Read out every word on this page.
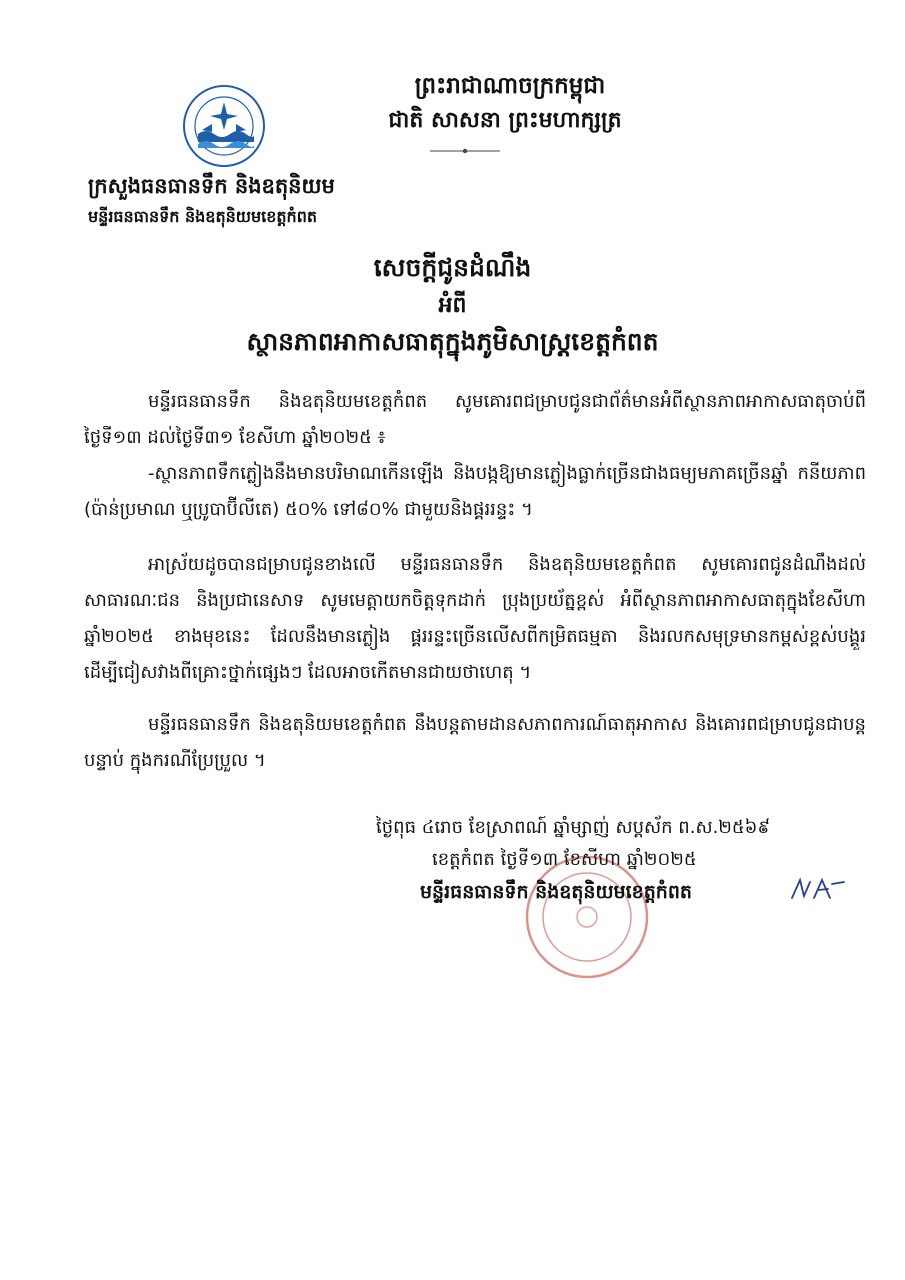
ព្រះរាជាណាចក្រកម្ពុជា
ជាតិ សាសនា ព្រះមហាក្សត្រ
ក្រសួងធនធានទឹក និងឧតុនិយម
មន្ទីរធនធានទឹក និងឧតុនិយមខេត្តកំពត
សេចក្តីជូនដំណឹង
អំពី
ស្ថានភាពអាកាសធាតុក្នុងភូមិសាស្ត្រខេត្តកំពត
មន្ទីរធនធានទឹក និងឧតុនិយមខេត្តកំពត សូមគោរពជម្រាបជូនជាព័ត៌មានអំពីស្ថានភាពអាកាសធាតុចាប់ពីថ្ងៃទី១៣ ដល់ថ្ងៃទី៣១ ខែសីហា ឆ្នាំ២០២៥ ៖
-ស្ថានភាពទឹកភ្លៀងនឹងមានបរិមាណកើនឡើង និងបង្កឱ្យមានភ្លៀងធ្លាក់ច្រើនជាងធម្យមភាគច្រើនឆ្នាំ កនីយភាព (ប៉ាន់ប្រមាណ ឬប្រូបាប៊ីលីតេ) ៥០% ទៅ៨០% ជាមួយនិងផ្គររន្ទះ ។
អាស្រ័យដូចបានជម្រាបជូនខាងលើ មន្ទីរធនធានទឹក និងឧតុនិយមខេត្តកំពត សូមគោរពជូនដំណឹងដល់សាធារណៈជន និងប្រជានេសាទ សូមមេត្តាយកចិត្តទុកដាក់ ប្រុងប្រយ័ត្នខ្ពស់ អំពីស្ថានភាពអាកាសធាតុក្នុងខែសីហា ឆ្នាំ២០២៥ ខាងមុខនេះ ដែលនឹងមានភ្លៀង ផ្គររន្ទះច្រើនលើសពីកម្រិតធម្មតា និងរលកសមុទ្រមានកម្ពស់ខ្ពស់បង្គួរ ដើម្បីជៀសវាងពីគ្រោះថ្នាក់ផ្សេងៗ ដែលអាចកើតមានជាយថាហេតុ ។
មន្ទីរធនធានទឹក និងឧតុនិយមខេត្តកំពត នឹងបន្តតាមដានសភាពការណ៍ធាតុអាកាស និងគោរពជម្រាបជូនជាបន្តបន្ទាប់ ក្នុងករណីប្រែប្រួល ។
ថ្ងៃពុធ ៤រោច ខែស្រាពណ៍ ឆ្នាំម្សាញ់ សប្តស័ក ព.ស.២៥៦៩
ខេត្តកំពត ថ្ងៃទី១៣ ខែសីហា ឆ្នាំ២០២៥
មន្ទីរធនធានទឹក និងឧតុនិយមខេត្តកំពត
